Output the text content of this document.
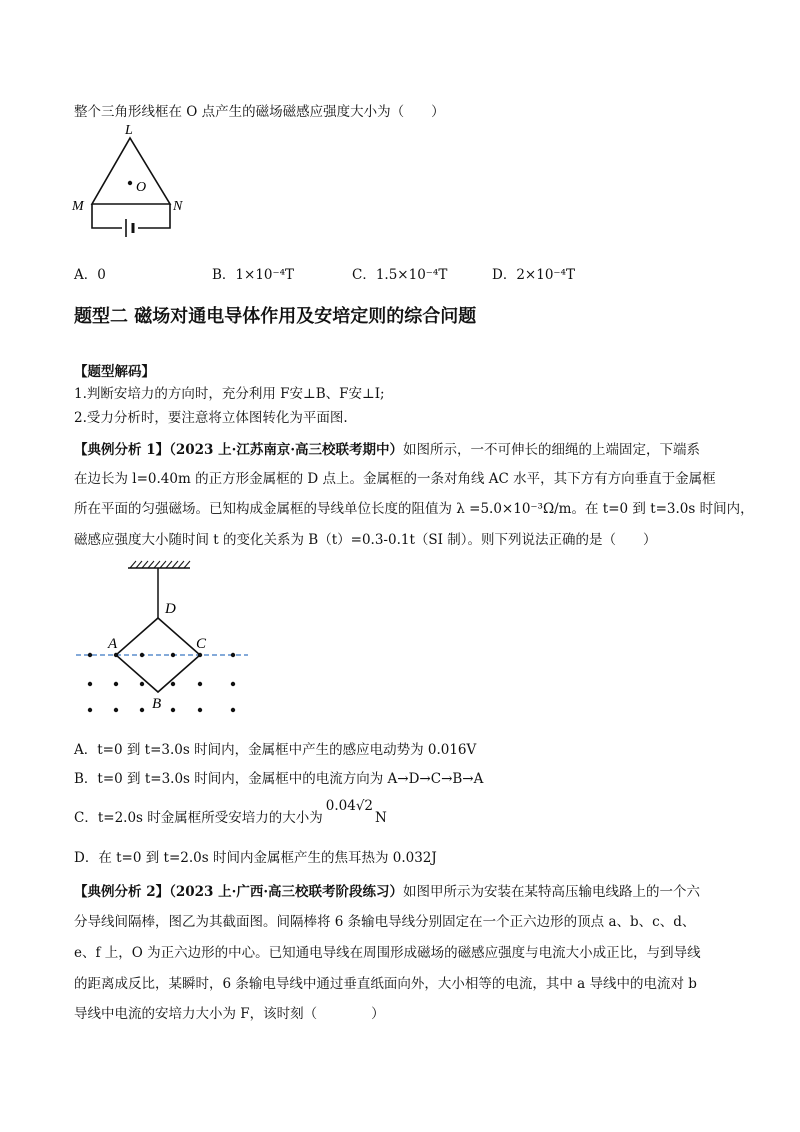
整个三角形线框在 O 点产生的磁场磁感应强度大小为（　　）
L
O
M	N
A．0	B．1×10⁻⁴T	C．1.5×10⁻⁴T	D．2×10⁻⁴T
题型二 磁场对通电导体作用及安培定则的综合问题
【题型解码】
1.判断安培力的方向时，充分利用 F安⊥B、F安⊥I;
2.受力分析时，要注意将立体图转化为平面图.
【典例分析 1】（2023 上·江苏南京·高三校联考期中）如图所示，一不可伸长的细绳的上端固定，下端系
在边长为 l=0.40m 的正方形金属框的 D 点上。金属框的一条对角线 AC 水平，其下方有方向垂直于金属框
所在平面的匀强磁场。已知构成金属框的导线单位长度的阻值为 λ =5.0×10⁻³Ω/m。在 t=0 到 t=3.0s 时间内，
磁感应强度大小随时间 t 的变化关系为 B（t）=0.3-0.1t（SI 制）。则下列说法正确的是（　　）
D
A	C
B
A．t=0 到 t=3.0s 时间内，金属框中产生的感应电动势为 0.016V
B．t=0 到 t=3.0s 时间内，金属框中的电流方向为 A→D→C→B→A
C．t=2.0s 时金属框所受安培力的大小为0.04√2N
D．在 t=0 到 t=2.0s 时间内金属框产生的焦耳热为 0.032J
【典例分析 2】（2023 上·广西·高三校联考阶段练习）如图甲所示为安装在某特高压输电线路上的一个六
分导线间隔棒，图乙为其截面图。间隔棒将 6 条输电导线分别固定在一个正六边形的顶点 a、b、c、d、
e、f 上，O 为正六边形的中心。已知通电导线在周围形成磁场的磁感应强度与电流大小成正比，与到导线
的距离成反比，某瞬时，6 条输电导线中通过垂直纸面向外，大小相等的电流，其中 a 导线中的电流对 b
导线中电流的安培力大小为 F，该时刻（　　　　）
